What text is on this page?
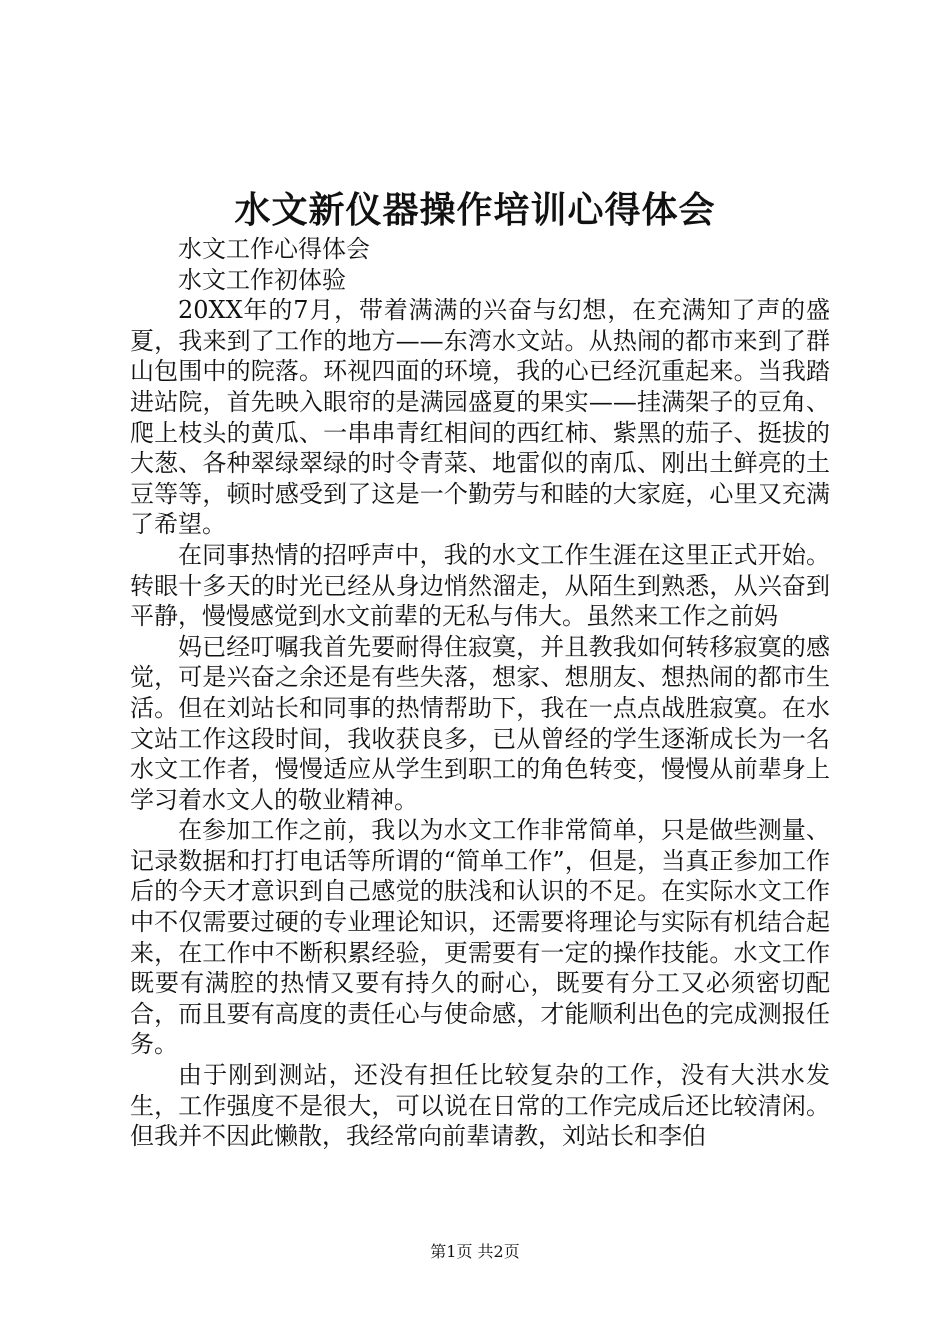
水文新仪器操作培训心得体会

水文工作心得体会

水文工作初体验

20XX年的7月，带着满满的兴奋与幻想，在充满知了声的盛夏，我来到了工作的地方——东湾水文站。从热闹的都市来到了群山包围中的院落。环视四面的环境，我的心已经沉重起来。当我踏进站院，首先映入眼帘的是满园盛夏的果实——挂满架子的豆角、爬上枝头的黄瓜、一串串青红相间的西红柿、紫黑的茄子、挺拔的大葱、各种翠绿翠绿的时令青菜、地雷似的南瓜、刚出土鲜亮的土豆等等，顿时感受到了这是一个勤劳与和睦的大家庭，心里又充满了希望。

在同事热情的招呼声中，我的水文工作生涯在这里正式开始。转眼十多天的时光已经从身边悄然溜走，从陌生到熟悉，从兴奋到平静，慢慢感觉到水文前辈的无私与伟大。虽然来工作之前妈

妈已经叮嘱我首先要耐得住寂寞，并且教我如何转移寂寞的感觉，可是兴奋之余还是有些失落，想家、想朋友、想热闹的都市生活。但在刘站长和同事的热情帮助下，我在一点点战胜寂寞。在水文站工作这段时间，我收获良多，已从曾经的学生逐渐成长为一名水文工作者，慢慢适应从学生到职工的角色转变，慢慢从前辈身上学习着水文人的敬业精神。

在参加工作之前，我以为水文工作非常简单，只是做些测量、记录数据和打打电话等所谓的“简单工作”，但是，当真正参加工作后的今天才意识到自己感觉的肤浅和认识的不足。在实际水文工作中不仅需要过硬的专业理论知识，还需要将理论与实际有机结合起来，在工作中不断积累经验，更需要有一定的操作技能。水文工作既要有满腔的热情又要有持久的耐心，既要有分工又必须密切配合，而且要有高度的责任心与使命感，才能顺利出色的完成测报任务。

由于刚到测站，还没有担任比较复杂的工作，没有大洪水发生，工作强度不是很大，可以说在日常的工作完成后还比较清闲。但我并不因此懒散，我经常向前辈请教，刘站长和李伯

第1页 共2页
